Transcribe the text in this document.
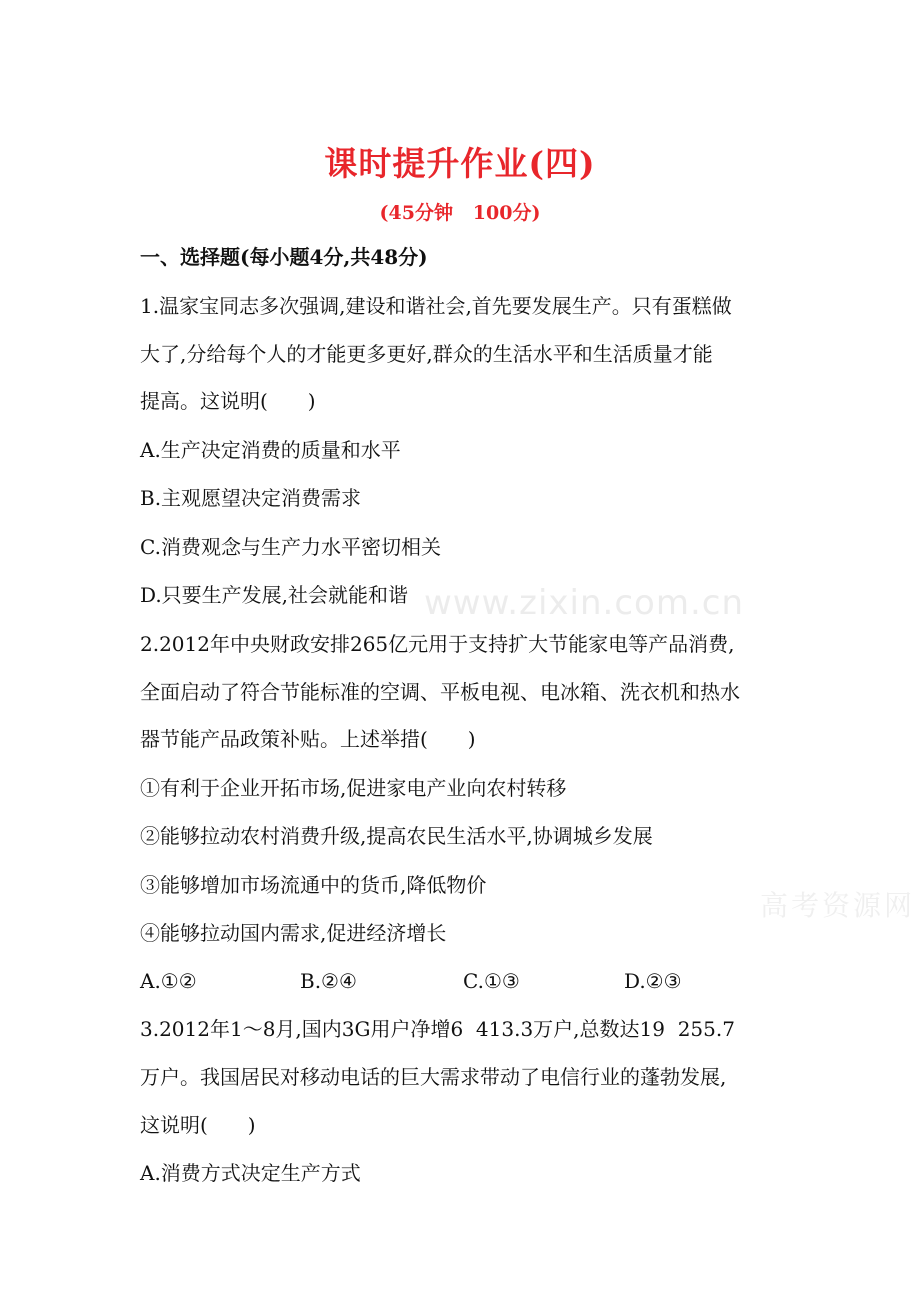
课时提升作业(四)
(45分钟   100分)
一、选择题(每小题4分,共48分)
1.温家宝同志多次强调,建设和谐社会,首先要发展生产。只有蛋糕做
大了,分给每个人的才能更多更好,群众的生活水平和生活质量才能
提高。这说明(　　)
A.生产决定消费的质量和水平
B.主观愿望决定消费需求
C.消费观念与生产力水平密切相关
D.只要生产发展,社会就能和谐
2.2012年中央财政安排265亿元用于支持扩大节能家电等产品消费,
全面启动了符合节能标准的空调、平板电视、电冰箱、洗衣机和热水
器节能产品政策补贴。上述举措(　　)
①有利于企业开拓市场,促进家电产业向农村转移
②能够拉动农村消费升级,提高农民生活水平,协调城乡发展
③能够增加市场流通中的货币,降低物价
④能够拉动国内需求,促进经济增长
A.①②	B.②④	C.①③	D.②③
3.2012年1～8月,国内3G用户净增6  413.3万户,总数达19  255.7
万户。我国居民对移动电话的巨大需求带动了电信行业的蓬勃发展,
这说明(　　)
A.消费方式决定生产方式
www.zixin.com.cn
高考资源网
